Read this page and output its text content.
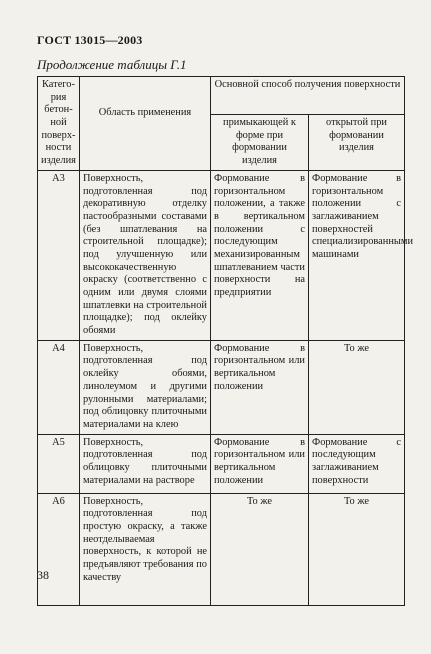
ГОСТ 13015—2003
Продолжение таблицы Г.1
Катего-рия бетон-ной поверх-ности изделия	Область применения	Основной способ получения поверхности	
		примыкающей к форме при формовании изделия	открытой при формовании изделия
А3	Поверхность, подготовленная под декоративную отделку пастообразными составами (без шпатлевания на строительной площадке); под улучшенную или высококачественную окраску (соответственно с одним или двумя слоями шпатлевки на строительной площадке); под оклейку обоями	Формование в горизонтальном положении, а также в вертикальном положении с последующим механизированным шпатлеванием части поверхности на предприятии	Формование в горизонтальном положении с заглаживанием поверхностей специализированными машинами
А4	Поверхность, подготовленная под оклейку обоями, линолеумом и другими рулонными материалами; под облицовку плиточными материалами на клею	Формование в горизонтальном или вертикальном положении	То же
А5	Поверхность, подготовленная под облицовку плиточными материалами на растворе	Формование в горизонтальном или вертикальном положении	Формование с последующим заглаживанием поверхности
А6	Поверхность, подготовленная под простую окраску, а также неотделываемая поверхность, к которой не предъявляют требования по качеству	То же	То же
38
